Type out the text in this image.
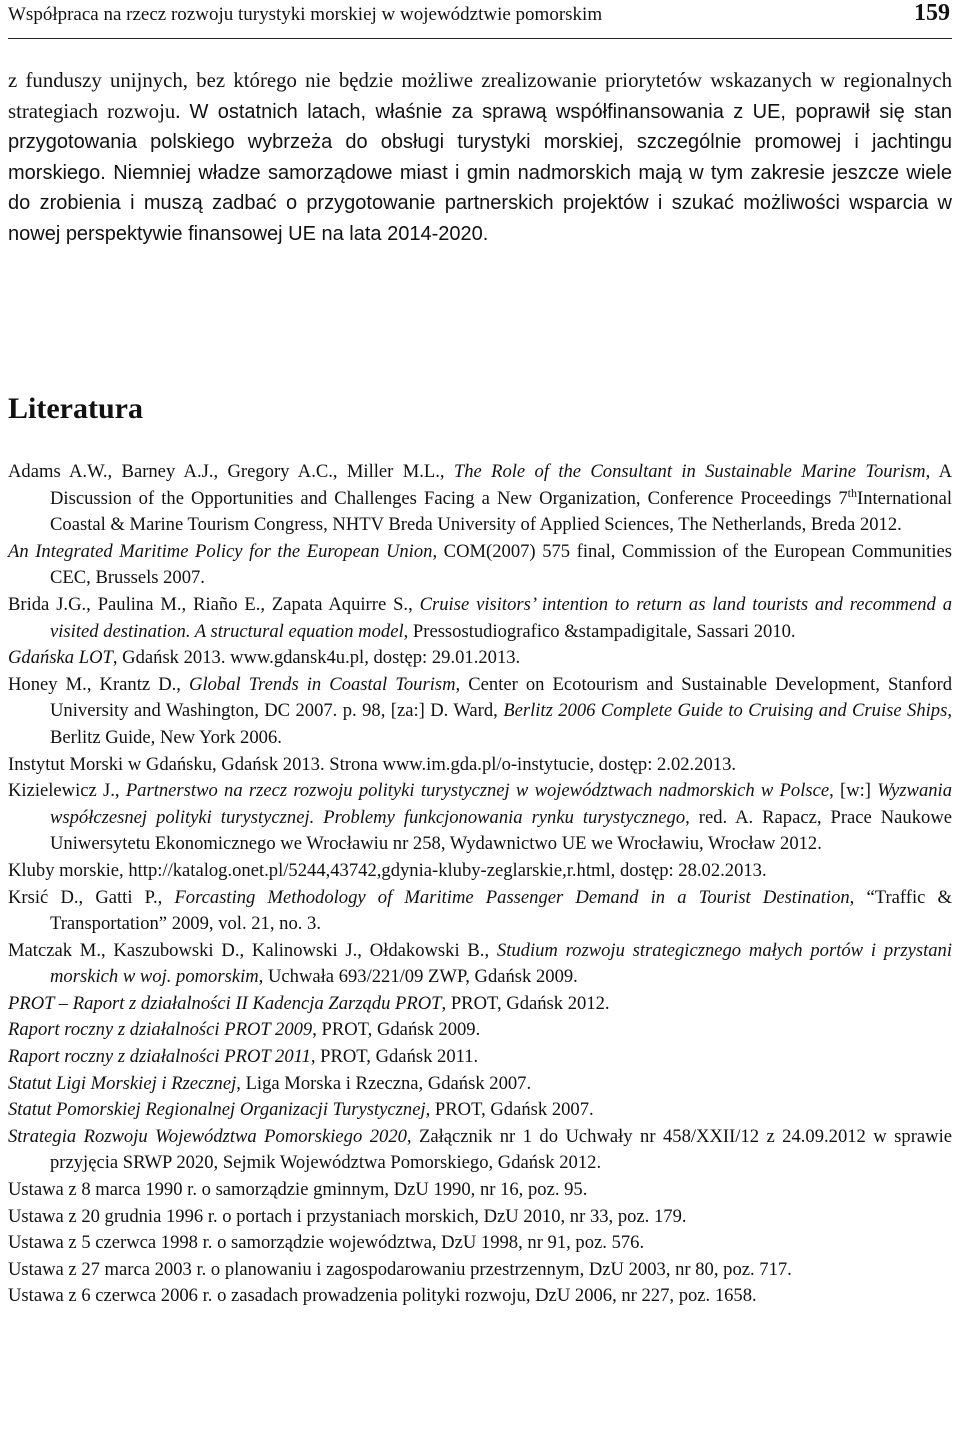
Współpraca na rzecz rozwoju turystyki morskiej w województwie pomorskim	159

z funduszy unijnych, bez którego nie będzie możliwe zrealizowanie priorytetów wskazanych w regionalnych strategiach rozwoju. W ostatnich latach, właśnie za sprawą współfinansowania z UE, poprawił się stan przygotowania polskiego wybrzeża do obsługi turystyki morskiej, szczególnie promowej i jachtingu morskiego. Niemniej władze samorządowe miast i gmin nadmorskich mają w tym zakresie jeszcze wiele do zrobienia i muszą zadbać o przygotowanie partnerskich projektów i szukać możliwości wsparcia w nowej perspektywie finansowej UE na lata 2014-2020.

Literatura

Adams A.W., Barney A.J., Gregory A.C., Miller M.L., The Role of the Consultant in Sustainable Marine Tourism, A Discussion of the Opportunities and Challenges Facing a New Organization, Conference Proceedings 7thInternational Coastal & Marine Tourism Congress, NHTV Breda University of Applied Sciences, The Netherlands, Breda 2012.

An Integrated Maritime Policy for the European Union, COM(2007) 575 final, Commission of the European Communities CEC, Brussels 2007.

Brida J.G., Paulina M., Riaño E., Zapata Aquirre S., Cruise visitors’ intention to return as land tourists and recommend a visited destination. A structural equation model, Pressostudiografico &stampadigitale, Sassari 2010.

Gdańska LOT, Gdańsk 2013. www.gdansk4u.pl, dostęp: 29.01.2013.

Honey M., Krantz D., Global Trends in Coastal Tourism, Center on Ecotourism and Sustainable Development, Stanford University and Washington, DC 2007. p. 98, [za:] D. Ward, Berlitz 2006 Complete Guide to Cruising and Cruise Ships, Berlitz Guide, New York 2006.

Instytut Morski w Gdańsku, Gdańsk 2013. Strona www.im.gda.pl/o-instytucie, dostęp: 2.02.2013.

Kizielewicz J., Partnerstwo na rzecz rozwoju polityki turystycznej w województwach nadmorskich w Polsce, [w:] Wyzwania współczesnej polityki turystycznej. Problemy funkcjonowania rynku turystycznego, red. A. Rapacz, Prace Naukowe Uniwersytetu Ekonomicznego we Wrocławiu nr 258, Wydawnictwo UE we Wrocławiu, Wrocław 2012.

Kluby morskie, http://katalog.onet.pl/5244,43742,gdynia-kluby-zeglarskie,r.html, dostęp: 28.02.2013.

Krsić D., Gatti P., Forcasting Methodology of Maritime Passenger Demand in a Tourist Destination, “Traffic & Transportation” 2009, vol. 21, no. 3.

Matczak M., Kaszubowski D., Kalinowski J., Ołdakowski B., Studium rozwoju strategicznego małych portów i przystani morskich w woj. pomorskim, Uchwała 693/221/09 ZWP, Gdańsk 2009.

PROT – Raport z działalności II Kadencja Zarządu PROT, PROT, Gdańsk 2012.

Raport roczny z działalności PROT 2009, PROT, Gdańsk 2009.

Raport roczny z działalności PROT 2011, PROT, Gdańsk 2011.

Statut Ligi Morskiej i Rzecznej, Liga Morska i Rzeczna, Gdańsk 2007.

Statut Pomorskiej Regionalnej Organizacji Turystycznej, PROT, Gdańsk 2007.

Strategia Rozwoju Województwa Pomorskiego 2020, Załącznik nr 1 do Uchwały nr 458/XXII/12 z 24.09.2012 w sprawie przyjęcia SRWP 2020, Sejmik Województwa Pomorskiego, Gdańsk 2012.

Ustawa z 8 marca 1990 r. o samorządzie gminnym, DzU 1990, nr 16, poz. 95.

Ustawa z 20 grudnia 1996 r. o portach i przystaniach morskich, DzU 2010, nr 33, poz. 179.

Ustawa z 5 czerwca 1998 r. o samorządzie województwa, DzU 1998, nr 91, poz. 576.

Ustawa z 27 marca 2003 r. o planowaniu i zagospodarowaniu przestrzennym, DzU 2003, nr 80, poz. 717.

Ustawa z 6 czerwca 2006 r. o zasadach prowadzenia polityki rozwoju, DzU 2006, nr 227, poz. 1658.
